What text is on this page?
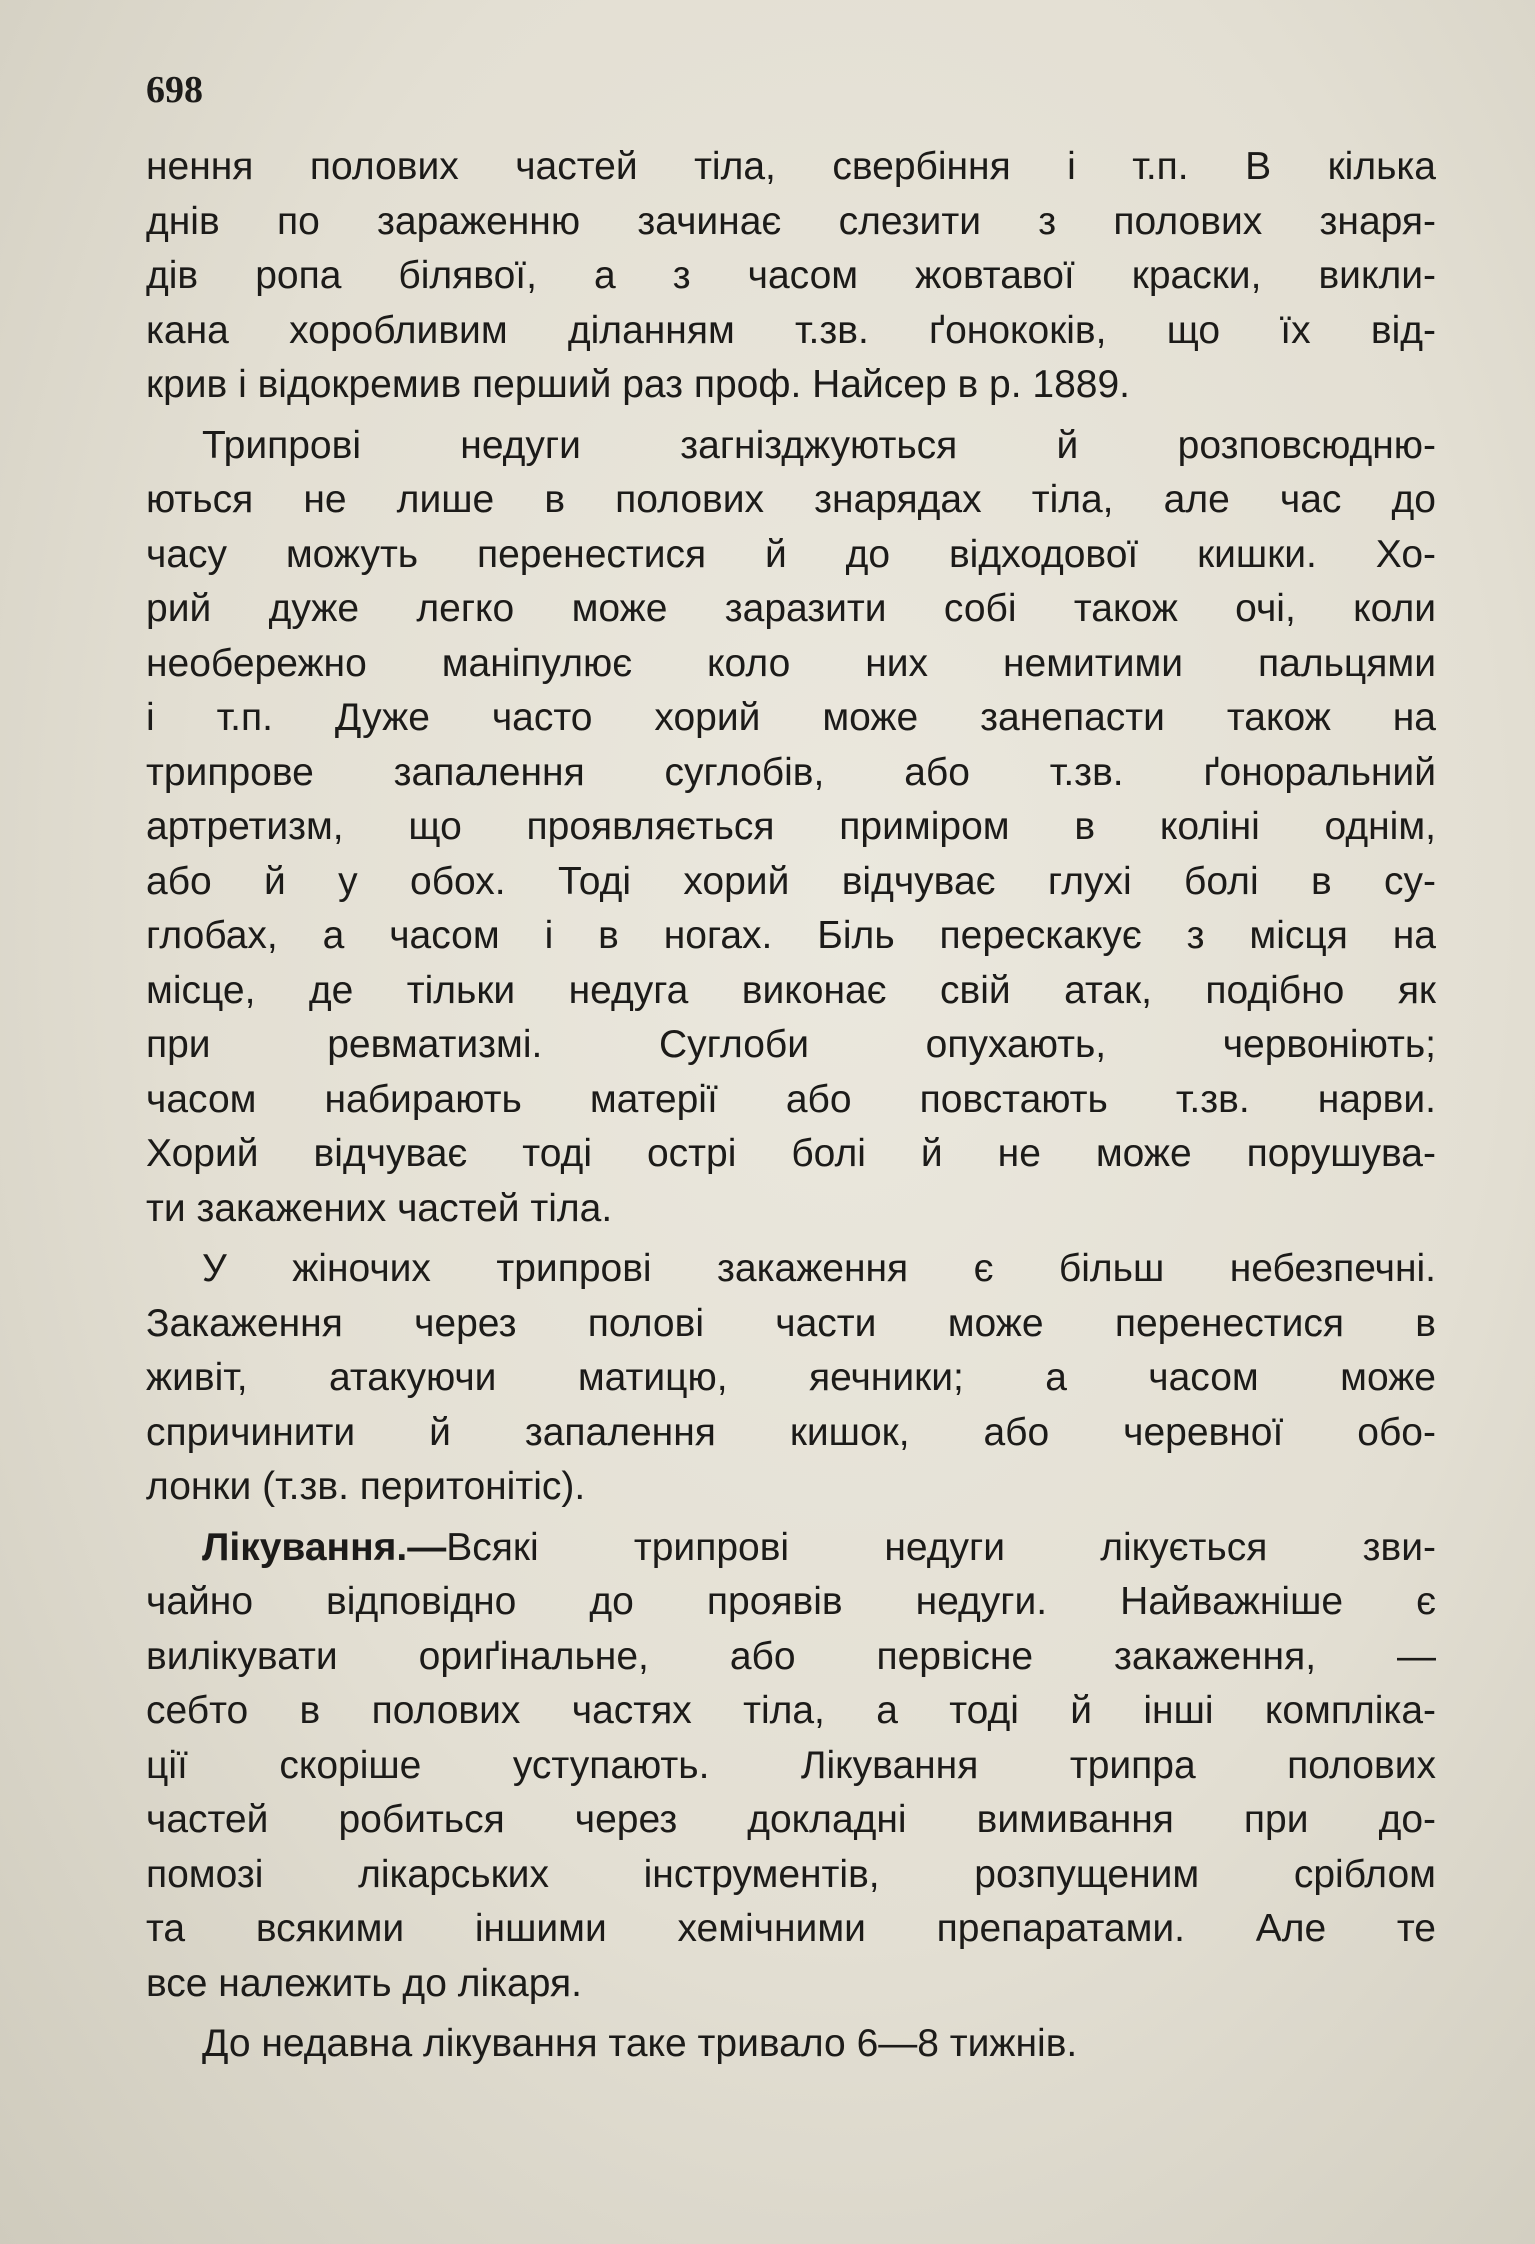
698
нення полових частей тіла, свербіння і т.п. В кілька
днів по зараженню зачинає слезити з полових знаря-
дів ропа білявої, а з часом жовтавої краски, викли-
кана хоробливим діланням т.зв. ґонококів, що їх від-
крив і відокремив перший раз проф. Найсер в р. 1889.
Трипрові недуги загнізджуються й розповсюдню-
ються не лише в полових знарядах тіла, але час до
часу можуть перенестися й до відходової кишки. Хо-
рий дуже легко може заразити собі також очі, коли
необережно маніпулює коло них немитими пальцями
і т.п. Дуже часто хорий може занепасти також на
трипрове запалення суглобів, або т.зв. ґоноральний
артретизм, що проявляється приміром в коліні однім,
або й у обох. Тоді хорий відчуває глухі болі в су-
глобах, а часом і в ногах. Біль перескакує з місця на
місце, де тільки недуга виконає свій атак, подібно як
при ревматизмі. Суглоби опухають, червоніють;
часом набирають матерії або повстають т.зв. нарви.
Хорий відчуває тоді острі болі й не може порушува-
ти закажених частей тіла.
У жіночих трипрові закаження є більш небезпечні.
Закаження через полові части може перенестися в
живіт, атакуючи матицю, яечники; а часом може
спричинити й запалення кишок, або черевної обо-
лонки (т.зв. перитонітіс).
Лікування.—Всякі трипрові недуги лікується зви-
чайно відповідно до проявів недуги. Найважніше є
вилікувати ориґінальне, або первісне закаження, —
себто в полових частях тіла, а тоді й інші компліка-
ції скоріше уступають. Лікування трипра полових
частей робиться через докладні вимивання при до-
помозі лікарських інструментів, розпущеним сріблом
та всякими іншими хемічними препаратами. Але те
все належить до лікаря.
До недавна лікування таке тривало 6—8 тижнів.
